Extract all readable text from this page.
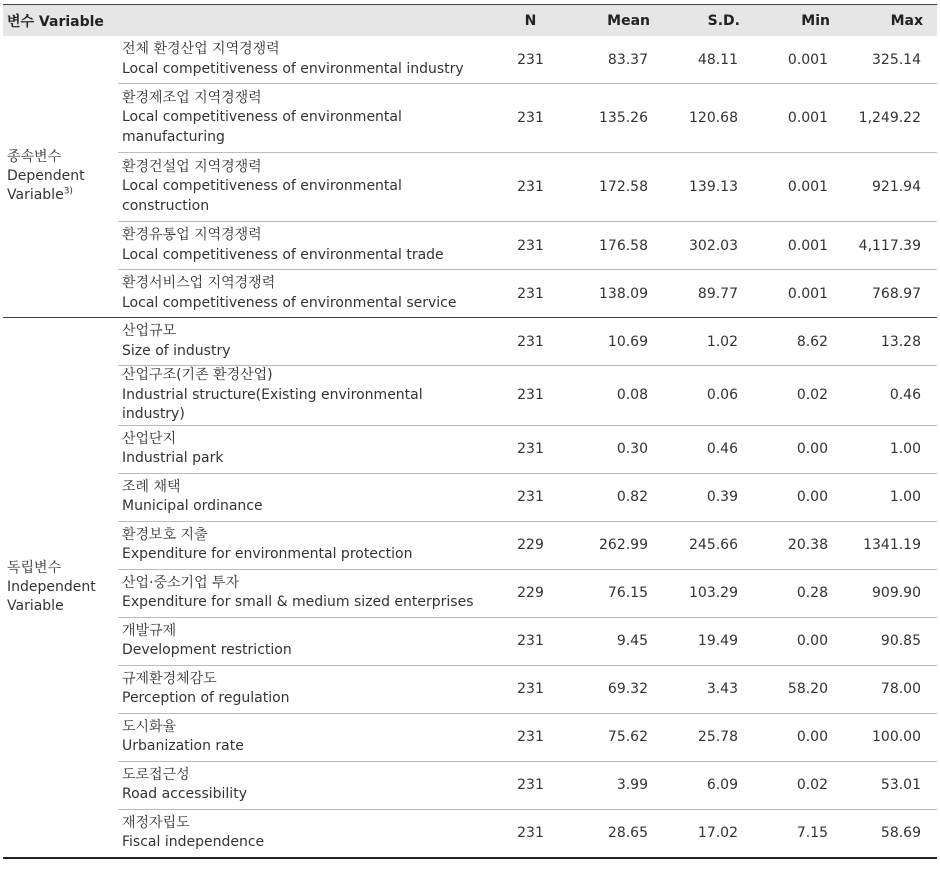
변수 Variable		N	Mean	S.D.	Min	Max
종속변수
Dependent
Variable$^{3)}$	전체 환경산업 지역경쟁력
Local competitiveness of environmental industry	231	83.37	48.11	0.001	325.14

	환경제조업 지역경쟁력
Local competitiveness of environmental manufacturing	231	135.26	120.68	0.001	1,249.22

	환경건설업 지역경쟁력
Local competitiveness of environmental construction	231	172.58	139.13	0.001	921.94

	환경유통업 지역경쟁력
Local competitiveness of environmental trade	231	176.58	302.03	0.001	4,117.39

	환경서비스업 지역경쟁력
Local competitiveness of environmental service	231	138.09	89.77	0.001	768.97
독립변수
Independent
Variable	산업규모
Size of industry	231	10.69	1.02	8.62	13.28

	산업구조(기존 환경산업)
Industrial structure(Existing environmental industry)	231	0.08	0.06	0.02	0.46

	산업단지
Industrial park	231	0.30	0.46	0.00	1.00

	조례 채택
Municipal ordinance	231	0.82	0.39	0.00	1.00

	환경보호 지출
Expenditure for environmental protection	229	262.99	245.66	20.38	1341.19

	산업·중소기업 투자
Expenditure for small & medium sized enterprises	229	76.15	103.29	0.28	909.90

	개발규제
Development restriction	231	9.45	19.49	0.00	90.85

	규제환경체감도
Perception of regulation	231	69.32	3.43	58.20	78.00

	도시화율
Urbanization rate	231	75.62	25.78	0.00	100.00

	도로접근성
Road accessibility	231	3.99	6.09	0.02	53.01

	재정자립도
Fiscal independence	231	28.65	17.02	7.15	58.69
